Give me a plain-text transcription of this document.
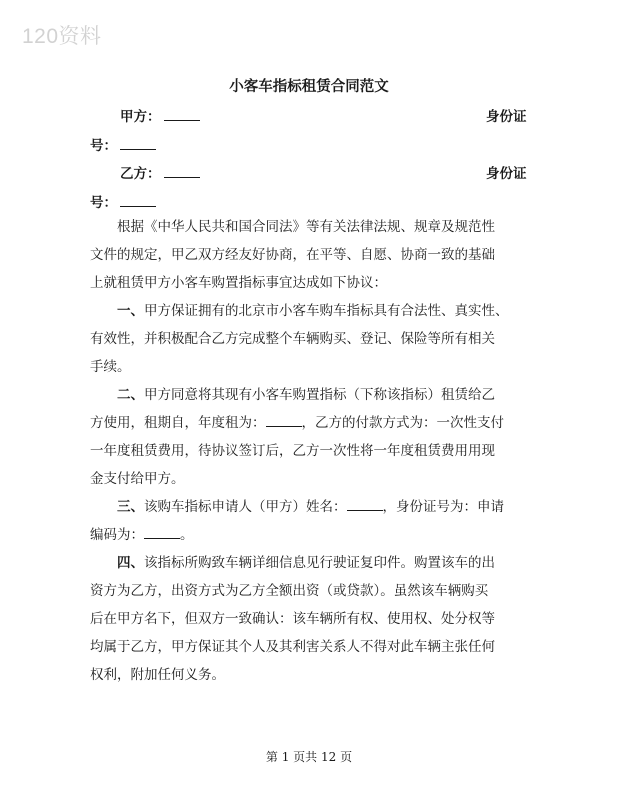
120资料
小客车指标租赁合同范文
甲方：	身份证
号：
乙方：	身份证
号：
根据《中华人民共和国合同法》等有关法律法规、规章及规范性
文件的规定，甲乙双方经友好协商，在平等、自愿、协商一致的基础
上就租赁甲方小客车购置指标事宜达成如下协议：
一、甲方保证拥有的北京市小客车购车指标具有合法性、真实性、
有效性，并积极配合乙方完成整个车辆购买、登记、保险等所有相关
手续。
二、甲方同意将其现有小客车购置指标（下称该指标）租赁给乙
方使用，租期自，年度租为：	，乙方的付款方式为：一次性支付
一年度租赁费用，待协议签订后，乙方一次性将一年度租赁费用用现
金支付给甲方。
三、该购车指标申请人（甲方）姓名：	，身份证号为：申请
编码为：	。
四、该指标所购致车辆详细信息见行驶证复印件。购置该车的出
资方为乙方，出资方式为乙方全额出资（或贷款）。虽然该车辆购买
后在甲方名下，但双方一致确认：该车辆所有权、使用权、处分权等
均属于乙方，甲方保证其个人及其利害关系人不得对此车辆主张任何
权利，附加任何义务。
第 1 页共 12 页
